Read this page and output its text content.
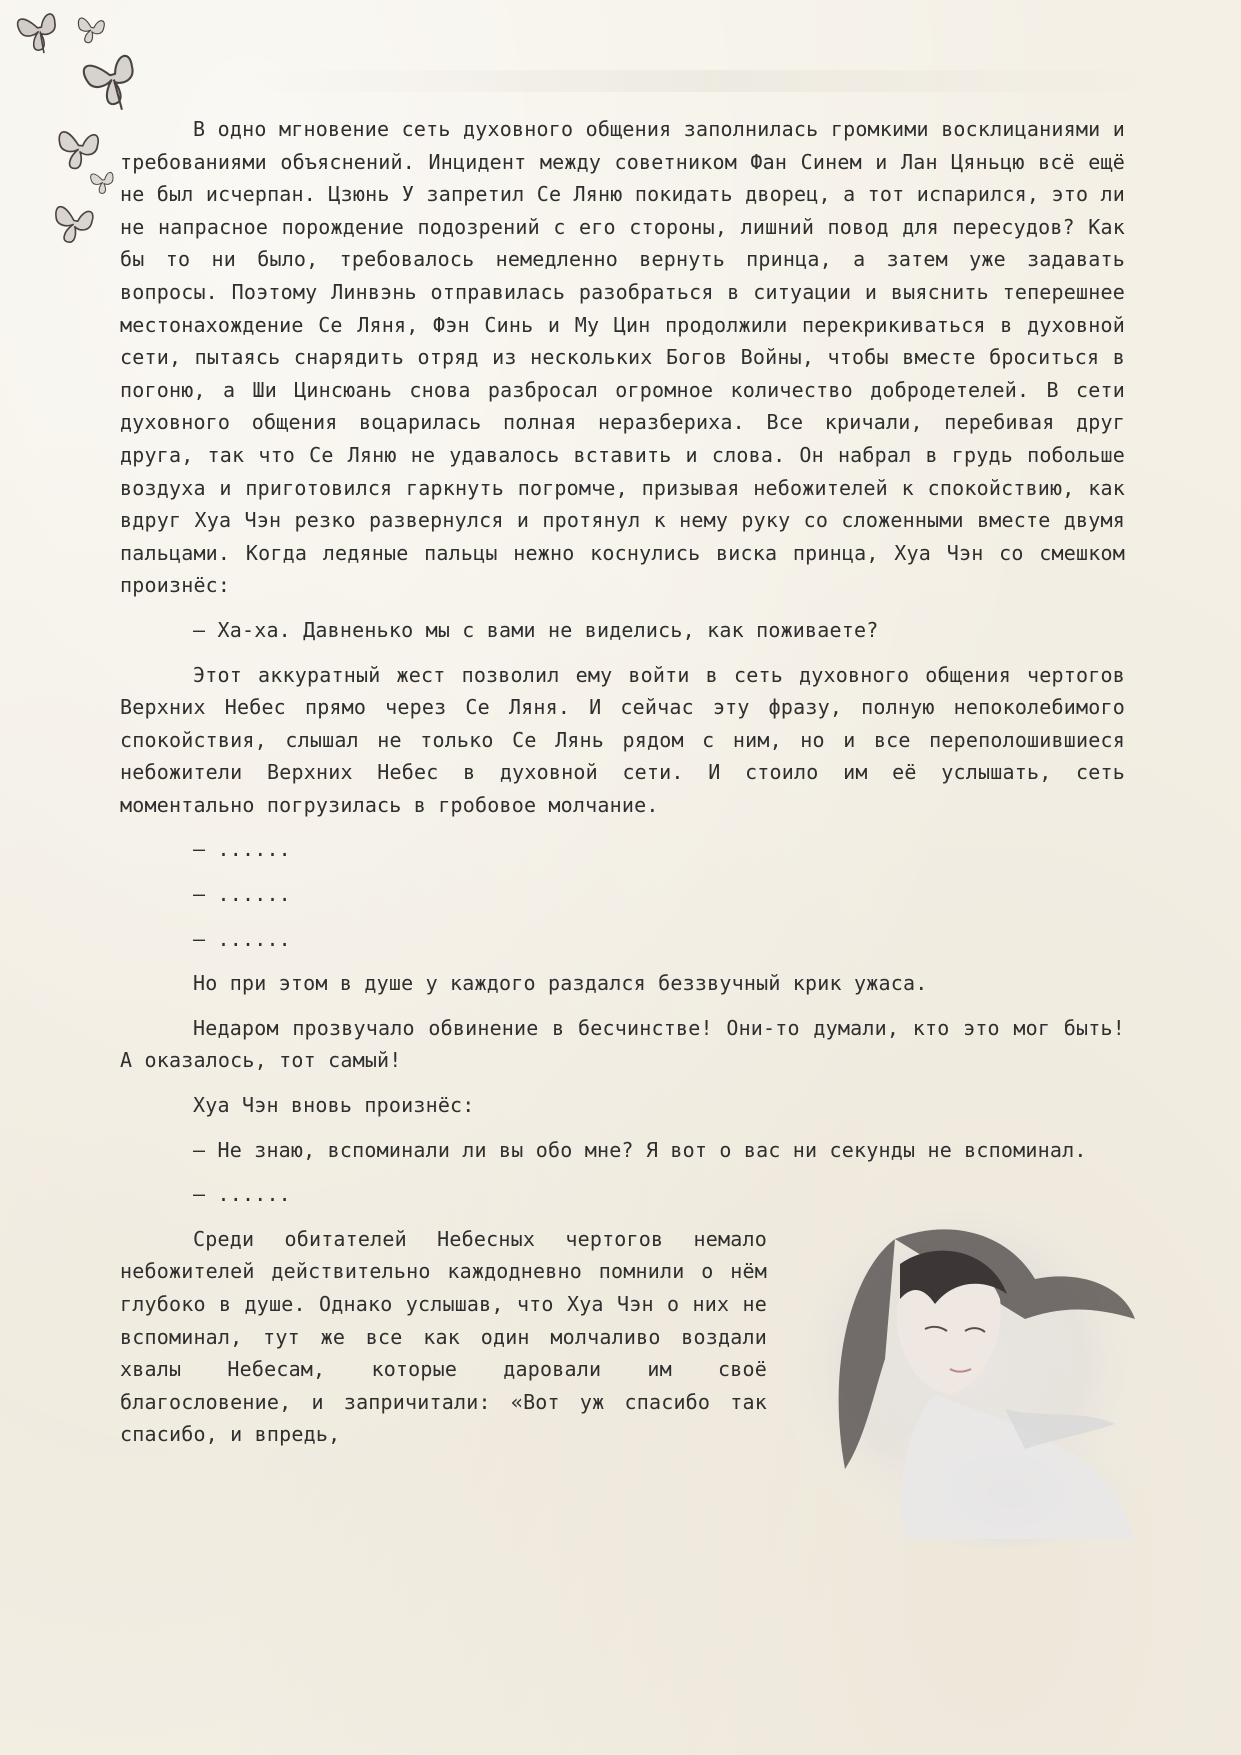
В одно мгновение сеть духовного общения заполнилась громкими восклицаниями и требованиями объяснений. Инцидент между советником Фан Синем и Лан Цяньцю всё ещё не был исчерпан. Цзюнь У запретил Се Ляню покидать дворец, а тот испарился, это ли не напрасное порождение подозрений с его стороны, лишний повод для пересудов? Как бы то ни было, требовалось немедленно вернуть принца, а затем уже задавать вопросы. Поэтому Линвэнь отправилась разобраться в ситуации и выяснить теперешнее местонахождение Се Ляня, Фэн Синь и Му Цин продолжили перекрикиваться в духовной сети, пытаясь снарядить отряд из нескольких Богов Войны, чтобы вместе броситься в погоню, а Ши Цинсюань снова разбросал огромное количество добродетелей. В сети духовного общения воцарилась полная неразбериха. Все кричали, перебивая друг друга, так что Се Ляню не удавалось вставить и слова. Он набрал в грудь побольше воздуха и приготовился гаркнуть погромче, призывая небожителей к спокойствию, как вдруг Хуа Чэн резко развернулся и протянул к нему руку со сложенными вместе двумя пальцами. Когда ледяные пальцы нежно коснулись виска принца, Хуа Чэн со смешком произнёс:

— Ха-ха. Давненько мы с вами не виделись, как поживаете?

Этот аккуратный жест позволил ему войти в сеть духовного общения чертогов Верхних Небес прямо через Се Ляня. И сейчас эту фразу, полную непоколебимого спокойствия, слышал не только Се Лянь рядом с ним, но и все переполошившиеся небожители Верхних Небес в духовной сети. И стоило им её услышать, сеть моментально погрузилась в гробовое молчание.

— ......

— ......

— ......

Но при этом в душе у каждого раздался беззвучный крик ужаса.

Недаром прозвучало обвинение в бесчинстве! Они-то думали, кто это мог быть! А оказалось, тот самый!

Хуа Чэн вновь произнёс:

— Не знаю, вспоминали ли вы обо мне? Я вот о вас ни секунды не вспоминал.

— ......

Среди обитателей Небесных чертогов немало небожителей действительно каждодневно помнили о нём глубоко в душе. Однако услышав, что Хуа Чэн о них не вспоминал, тут же все как один молчаливо воздали хвалы Небесам, которые даровали им своё благословение, и запричитали: «Вот уж спасибо так спасибо, и впредь,
